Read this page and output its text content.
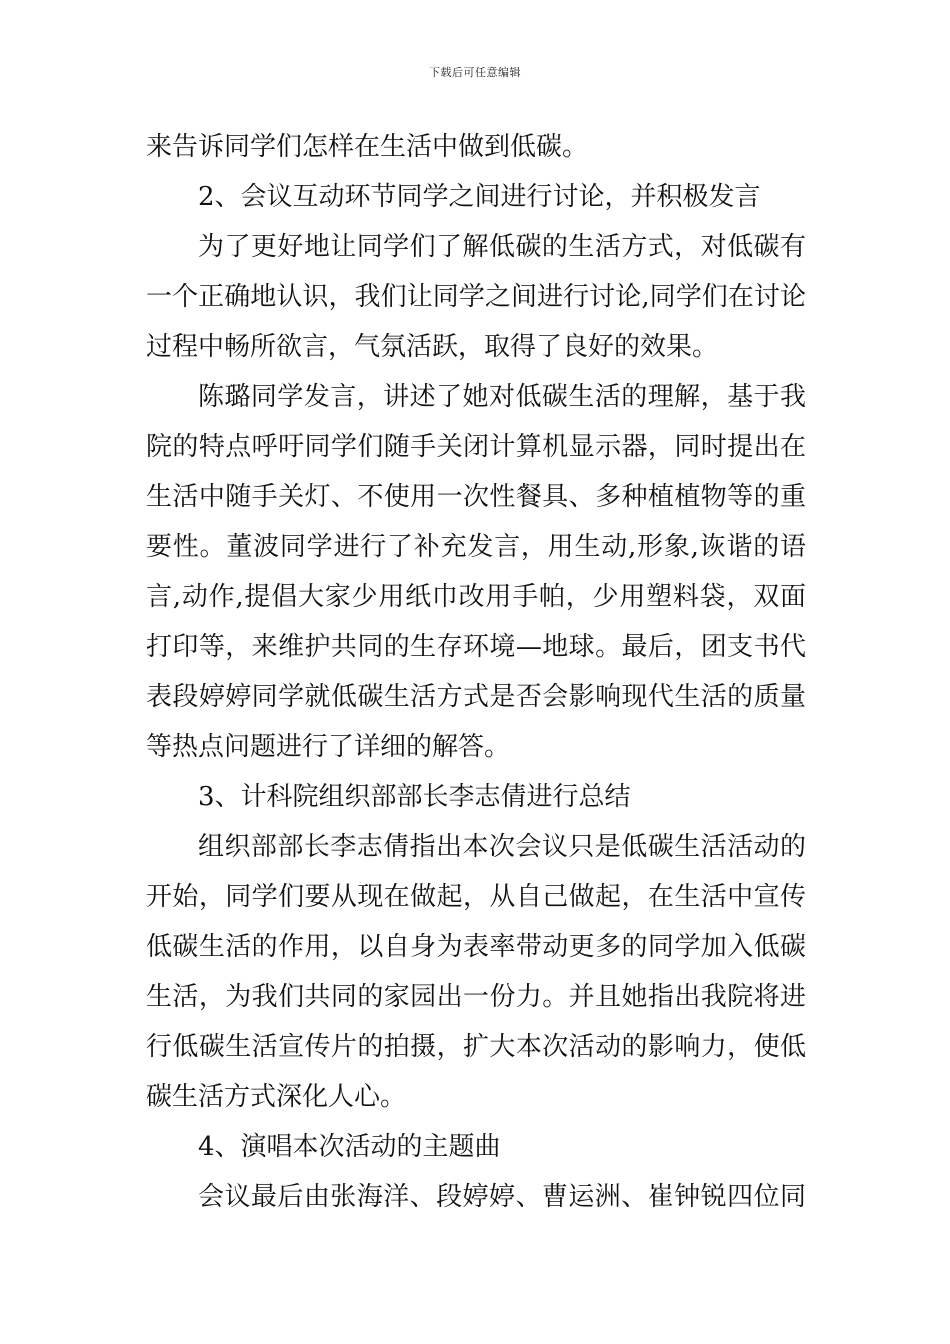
下载后可任意编辑
来告诉同学们怎样在生活中做到低碳。
2、会议互动环节同学之间进行讨论，并积极发言
为了更好地让同学们了解低碳的生活方式，对低碳有
一个正确地认识，我们让同学之间进行讨论,同学们在讨论
过程中畅所欲言，气氛活跃，取得了良好的效果。
陈璐同学发言，讲述了她对低碳生活的理解，基于我
院的特点呼吁同学们随手关闭计算机显示器，同时提出在
生活中随手关灯、不使用一次性餐具、多种植植物等的重
要性。董波同学进行了补充发言，用生动,形象,诙谐的语
言,动作,提倡大家少用纸巾改用手帕，少用塑料袋，双面
打印等，来维护共同的生存环境—地球。最后，团支书代
表段婷婷同学就低碳生活方式是否会影响现代生活的质量
等热点问题进行了详细的解答。
3、计科院组织部部长李志倩进行总结
组织部部长李志倩指出本次会议只是低碳生活活动的
开始，同学们要从现在做起，从自己做起，在生活中宣传
低碳生活的作用，以自身为表率带动更多的同学加入低碳
生活，为我们共同的家园出一份力。并且她指出我院将进
行低碳生活宣传片的拍摄，扩大本次活动的影响力，使低
碳生活方式深化人心。
4、演唱本次活动的主题曲
会议最后由张海洋、段婷婷、曹运洲、崔钟锐四位同
